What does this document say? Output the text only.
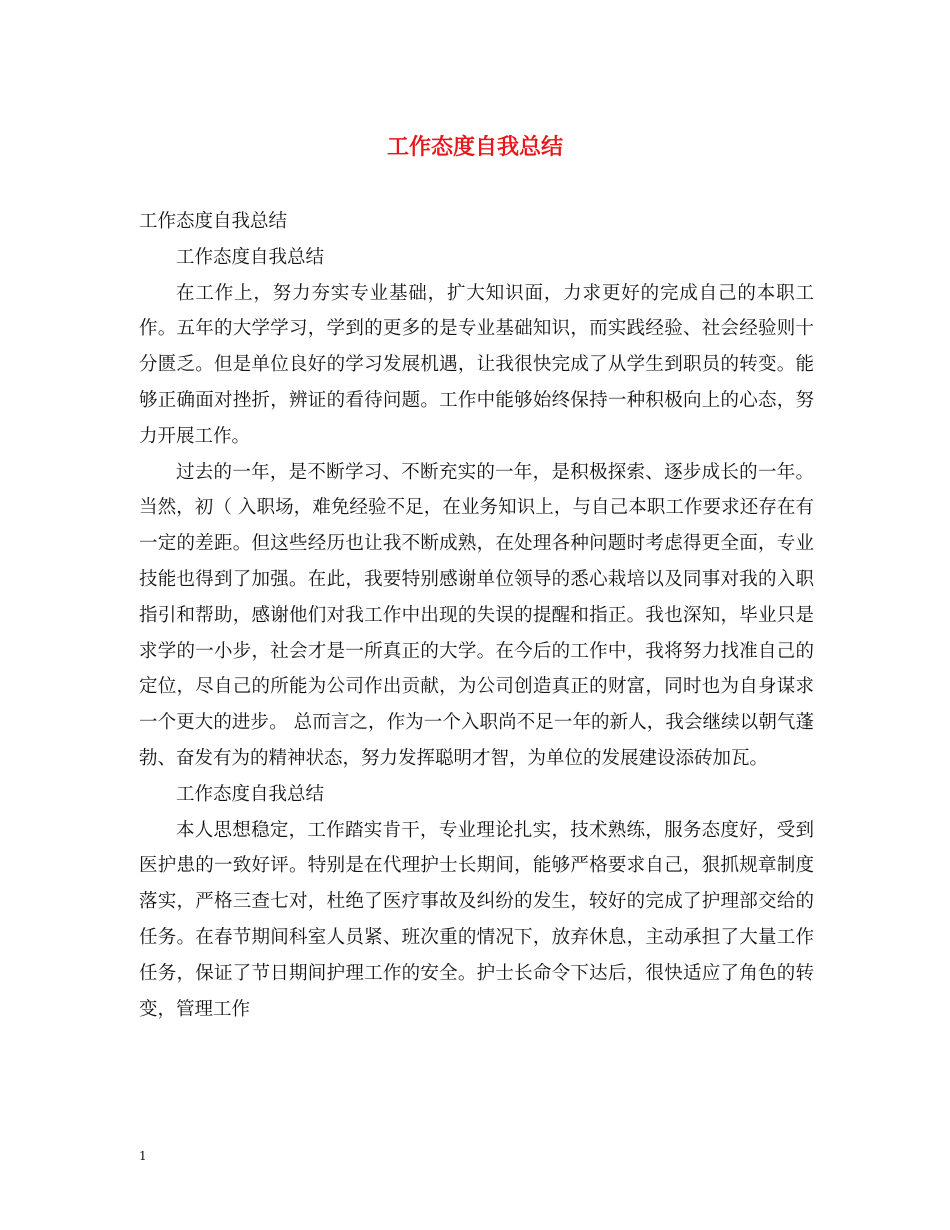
工作态度自我总结

工作态度自我总结

工作态度自我总结

在工作上，努力夯实专业基础，扩大知识面，力求更好的完成自己的本职工作。五年的大学学习，学到的更多的是专业基础知识，而实践经验、社会经验则十分匮乏。但是单位良好的学习发展机遇，让我很快完成了从学生到职员的转变。能够正确面对挫折，辨证的看待问题。工作中能够始终保持一种积极向上的心态，努力开展工作。

过去的一年，是不断学习、不断充实的一年，是积极探索、逐步成长的一年。当然，初（ 入职场，难免经验不足，在业务知识上，与自己本职工作要求还存在有一定的差距。但这些经历也让我不断成熟，在处理各种问题时考虑得更全面，专业技能也得到了加强。在此，我要特别感谢单位领导的悉心栽培以及同事对我的入职指引和帮助，感谢他们对我工作中出现的失误的提醒和指正。我也深知，毕业只是求学的一小步，社会才是一所真正的大学。在今后的工作中，我将努力找准自己的定位，尽自己的所能为公司作出贡献，为公司创造真正的财富，同时也为自身谋求一个更大的进步。 总而言之，作为一个入职尚不足一年的新人，我会继续以朝气蓬勃、奋发有为的精神状态，努力发挥聪明才智，为单位的发展建设添砖加瓦。

工作态度自我总结

本人思想稳定，工作踏实肯干，专业理论扎实，技术熟练，服务态度好，受到医护患的一致好评。特别是在代理护士长期间，能够严格要求自己，狠抓规章制度落实，严格三查七对，杜绝了医疗事故及纠纷的发生，较好的完成了护理部交给的任务。在春节期间科室人员紧、班次重的情况下，放弃休息，主动承担了大量工作任务，保证了节日期间护理工作的安全。护士长命令下达后，很快适应了角色的转变，管理工作

1
